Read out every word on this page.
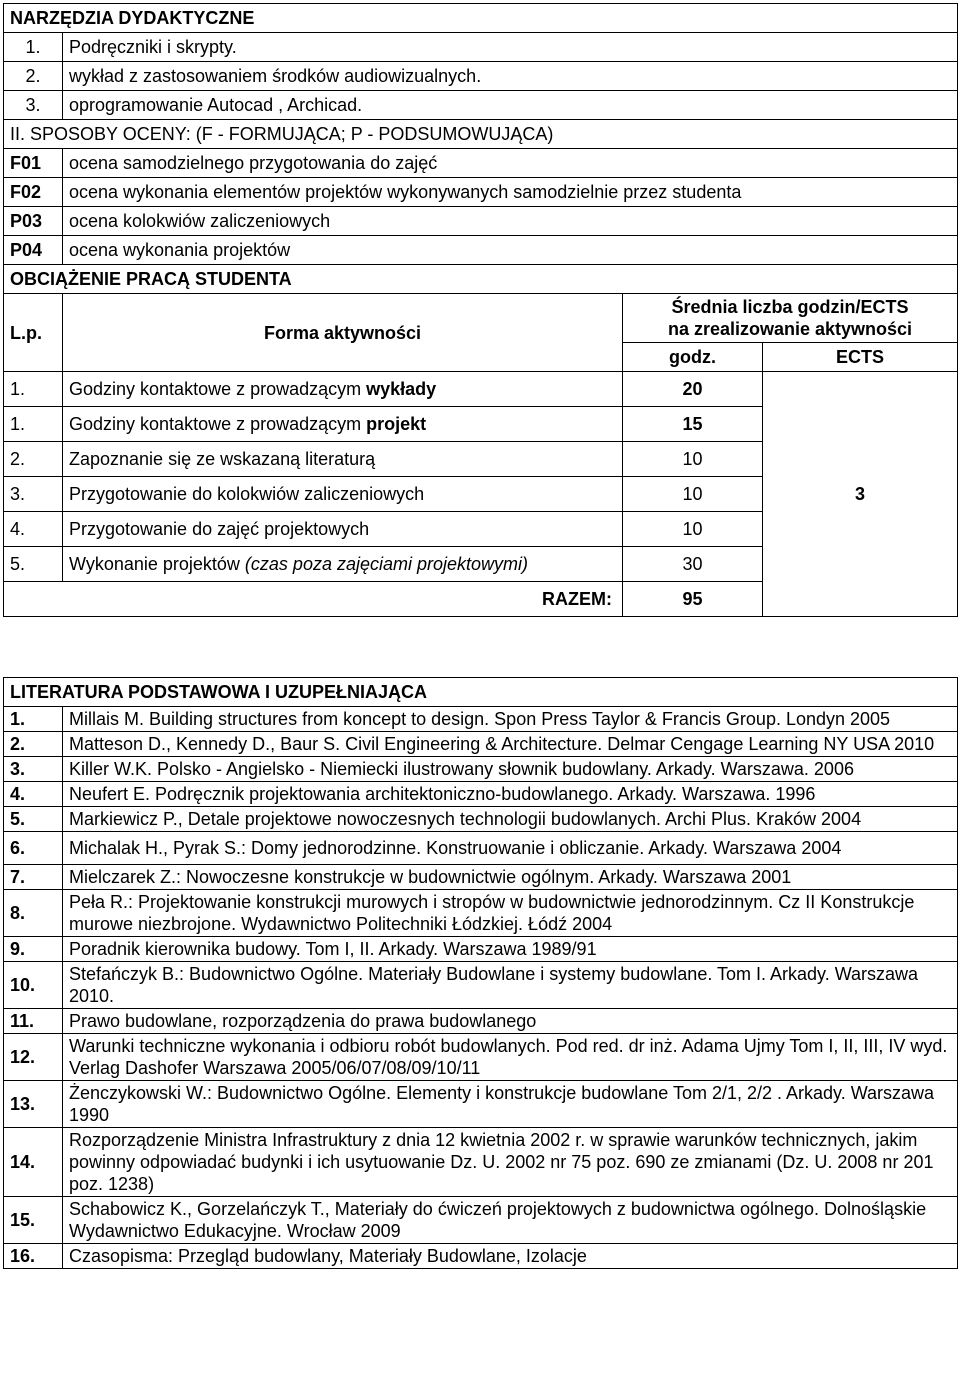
NARZĘDZIA DYDAKTYCZNE			
1.	Podręczniki i skrypty.		
2.	wykład z zastosowaniem środków audiowizualnych.		
3.	oprogramowanie Autocad , Archicad.		
II. SPOSOBY OCENY: (F - FORMUJĄCA; P - PODSUMOWUJĄCA)			
F01	ocena samodzielnego przygotowania do zajęć		
F02	ocena wykonania elementów projektów wykonywanych samodzielnie przez studenta		
P03	ocena kolokwiów zaliczeniowych		
P04	ocena wykonania projektów		
OBCIĄŻENIE PRACĄ STUDENTA			
L.p.	Forma aktywności	Średnia liczba godzin/ECTS
na zrealizowanie aktywności	
		godz.	ECTS
1.	Godziny kontaktowe z prowadzącym wykłady	20	3
1.	Godziny kontaktowe z prowadzącym projekt	15	
2.	Zapoznanie się ze wskazaną literaturą	10	
3.	Przygotowanie do kolokwiów zaliczeniowych	10	
4.	Przygotowanie do zajęć projektowych	10	
5.	Wykonanie projektów (czas poza zajęciami projektowymi)	30	
RAZEM:		95	
LITERATURA PODSTAWOWA I UZUPEŁNIAJĄCA	
1.	Millais M. Building structures from koncept to design. Spon Press Taylor & Francis Group. Londyn 2005
2.	Matteson D., Kennedy D., Baur S. Civil Engineering & Architecture. Delmar Cengage Learning NY USA 2010
3.	Killer W.K. Polsko - Angielsko - Niemiecki ilustrowany słownik budowlany. Arkady. Warszawa. 2006
4.	Neufert E. Podręcznik projektowania architektoniczno-budowlanego. Arkady. Warszawa. 1996
5.	Markiewicz P., Detale projektowe nowoczesnych technologii budowlanych. Archi Plus. Kraków 2004
6.	Michalak H., Pyrak S.: Domy jednorodzinne. Konstruowanie i obliczanie. Arkady. Warszawa 2004
7.	Mielczarek Z.: Nowoczesne konstrukcje w budownictwie ogólnym. Arkady. Warszawa 2001
8.	Pełа R.: Projektowanie konstrukcji murowych i stropów w budownictwie jednorodzinnym. Cz II Konstrukcje murowe niezbrojone. Wydawnictwo Politechniki Łódzkiej. Łódź 2004
9.	Poradnik kierownika budowy. Tom I, II. Arkady. Warszawa 1989/91
10.	Stefańczyk B.: Budownictwo Ogólne. Materiały Budowlane i systemy budowlane. Tom I. Arkady. Warszawa 2010.
11.	Prawo budowlane, rozporządzenia do prawa budowlanego
12.	Warunki techniczne wykonania i odbioru robót budowlanych. Pod red. dr inż. Adama Ujmy Tom I, II, III, IV wyd. Verlag Dashofer Warszawa 2005/06/07/08/09/10/11
13.	Żenczykowski W.: Budownictwo Ogólne. Elementy i konstrukcje budowlane Tom 2/1, 2/2 . Arkady. Warszawa 1990
14.	Rozporządzenie Ministra Infrastruktury z dnia 12 kwietnia 2002 r. w sprawie warunków technicznych, jakim powinny odpowiadać budynki i ich usytuowanie Dz. U. 2002 nr 75 poz. 690 ze zmianami (Dz. U. 2008 nr 201 poz. 1238)
15.	Schabowicz K., Gorzelańczyk T., Materiały do ćwiczeń projektowych z budownictwa ogólnego. Dolnośląskie Wydawnictwo Edukacyjne. Wrocław 2009
16.	Czasopisma: Przegląd budowlany, Materiały Budowlane, Izolacje
